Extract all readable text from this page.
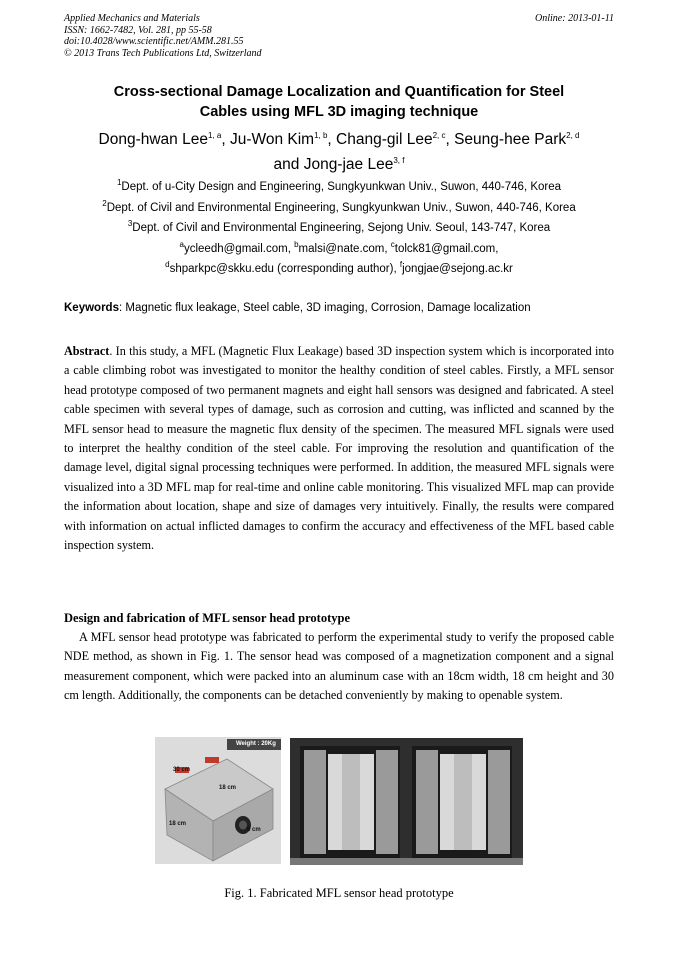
Applied Mechanics and Materials
ISSN: 1662-7482, Vol. 281, pp 55-58
doi:10.4028/www.scientific.net/AMM.281.55
© 2013 Trans Tech Publications Ltd, Switzerland
Online: 2013-01-11
Cross-sectional Damage Localization and Quantification for Steel
Cables using MFL 3D imaging technique
Dong-hwan Lee$^{1, a}$, Ju-Won Kim$^{1, b}$, Chang-gil Lee$^{2, c}$, Seung-hee Park$^{2, d}$
and Jong-jae Lee$^{3, f}$
$^1$Dept. of u-City Design and Engineering, Sungkyunkwan Univ., Suwon, 440-746, Korea
$^2$Dept. of Civil and Environmental Engineering, Sungkyunkwan Univ., Suwon, 440-746, Korea
$^3$Dept. of Civil and Environmental Engineering, Sejong Univ. Seoul, 143-747, Korea
$^a$ycleedh@gmail.com, $^b$malsi@nate.com, $^c$tolck81@gmail.com,
$^d$shparkpc@skku.edu (corresponding author), $^f$jongjae@sejong.ac.kr
Keywords: Magnetic flux leakage, Steel cable, 3D imaging, Corrosion, Damage localization
Abstract. In this study, a MFL (Magnetic Flux Leakage) based 3D inspection system which is incorporated into a cable climbing robot was investigated to monitor the healthy condition of steel cables. Firstly, a MFL sensor head prototype composed of two permanent magnets and eight hall sensors was designed and fabricated. A steel cable specimen with several types of damage, such as corrosion and cutting, was inflicted and scanned by the MFL sensor head to measure the magnetic flux density of the specimen. The measured MFL signals were used to interpret the healthy condition of the steel cable. For improving the resolution and quantification of the damage level, digital signal processing techniques were performed. In addition, the measured MFL signals were visualized into a 3D MFL map for real-time and online cable monitoring. This visualized MFL map can provide the information about location, shape and size of damages very intuitively. Finally, the results were compared with information on actual inflicted damages to confirm the accuracy and effectiveness of the MFL based cable inspection system.
Design and fabrication of MFL sensor head prototype
A MFL sensor head prototype was fabricated to perform the experimental study to verify the proposed cable NDE method, as shown in Fig. 1. The sensor head was composed of a magnetization component and a signal measurement component, which were packed into an aluminum case with an 18cm width, 18 cm height and 30 cm length. Additionally, the components can be detached conveniently by making to openable system.
Weight : 20Kg
30 cm
18 cm
18 cm
6 cm
Fig. 1. Fabricated MFL sensor head prototype
